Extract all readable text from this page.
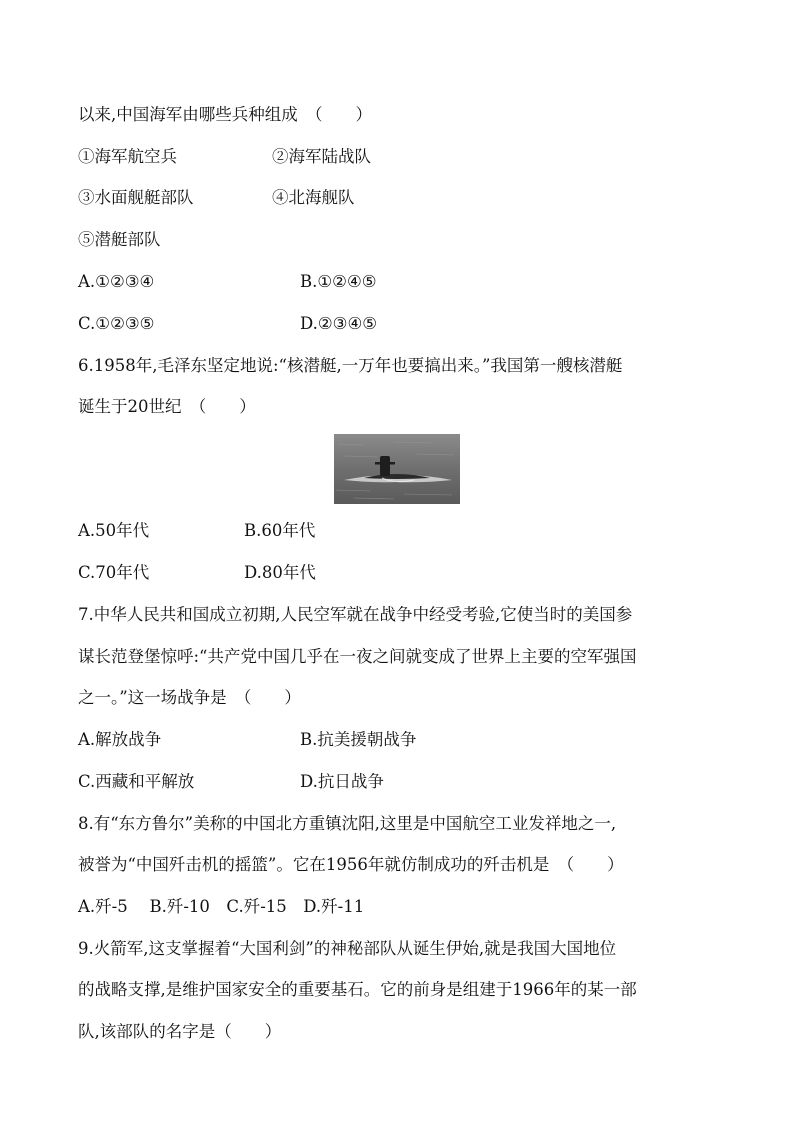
以来,中国海军由哪些兵种组成　（　　）
①海军航空兵	②海军陆战队
③水面舰艇部队	④北海舰队
⑤潜艇部队
A.①②③④	B.①②④⑤
C.①②③⑤	D.②③④⑤
6.1958年,毛泽东坚定地说:“核潜艇,一万年也要搞出来。”我国第一艘核潜艇
诞生于20世纪　（　　）
A.50年代	B.60年代
C.70年代	D.80年代
7.中华人民共和国成立初期,人民空军就在战争中经受考验,它使当时的美国参
谋长范登堡惊呼:“共产党中国几乎在一夜之间就变成了世界上主要的空军强国
之一。”这一场战争是　（　　）
A.解放战争	B.抗美援朝战争
C.西藏和平解放	D.抗日战争
8.有“东方鲁尔”美称的中国北方重镇沈阳,这里是中国航空工业发祥地之一,
被誉为“中国歼击机的摇篮”。它在1956年就仿制成功的歼击机是　（　　）
A.歼-5　 B.歼-10　C.歼-15　D.歼-11
9.火箭军,这支掌握着“大国利剑”的神秘部队从诞生伊始,就是我国大国地位
的战略支撑,是维护国家安全的重要基石。它的前身是组建于1966年的某一部
队,该部队的名字是（　　）
